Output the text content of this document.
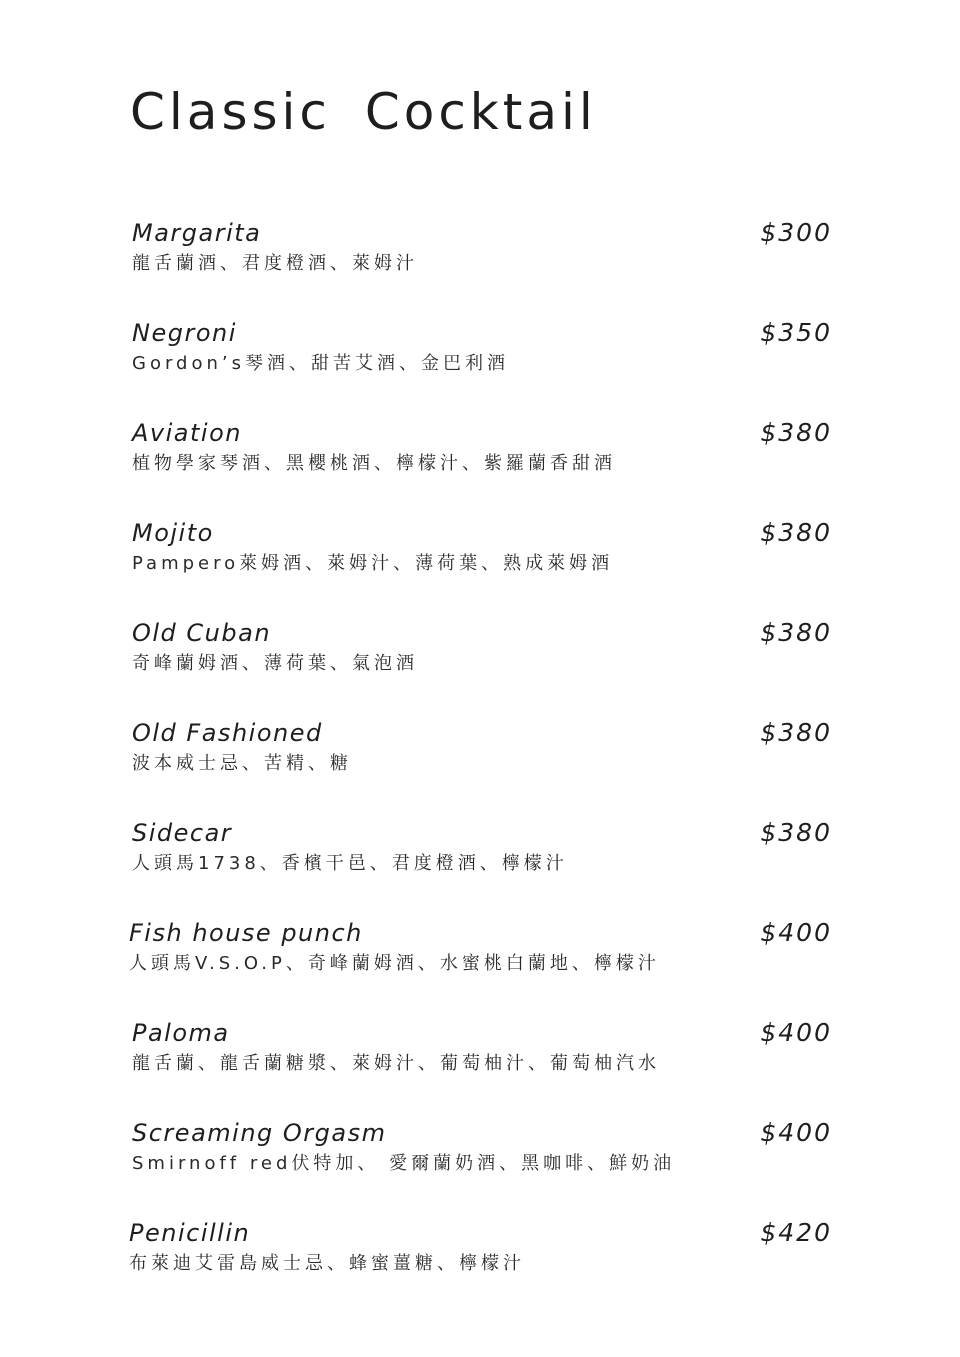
Classic Cocktail
Margarita	$300
龍舌蘭酒、君度橙酒、萊姆汁
Negroni	$350
Gordon’s琴酒、甜苦艾酒、金巴利酒
Aviation	$380
植物學家琴酒、黑櫻桃酒、檸檬汁、紫羅蘭香甜酒
Mojito	$380
Pampero萊姆酒、萊姆汁、薄荷葉、熟成萊姆酒
Old Cuban	$380
奇峰蘭姆酒、薄荷葉、氣泡酒
Old Fashioned	$380
波本威士忌、苦精、糖
Sidecar	$380
人頭馬1738、香檳干邑、君度橙酒、檸檬汁
Fish house punch	$400
人頭馬V.S.O.P、奇峰蘭姆酒、水蜜桃白蘭地、檸檬汁
Paloma	$400
龍舌蘭、龍舌蘭糖漿、萊姆汁、葡萄柚汁、葡萄柚汽水
Screaming Orgasm	$400
Smirnoff red伏特加、 愛爾蘭奶酒、黑咖啡、鮮奶油
Penicillin	$420
布萊迪艾雷島威士忌、蜂蜜薑糖、檸檬汁
